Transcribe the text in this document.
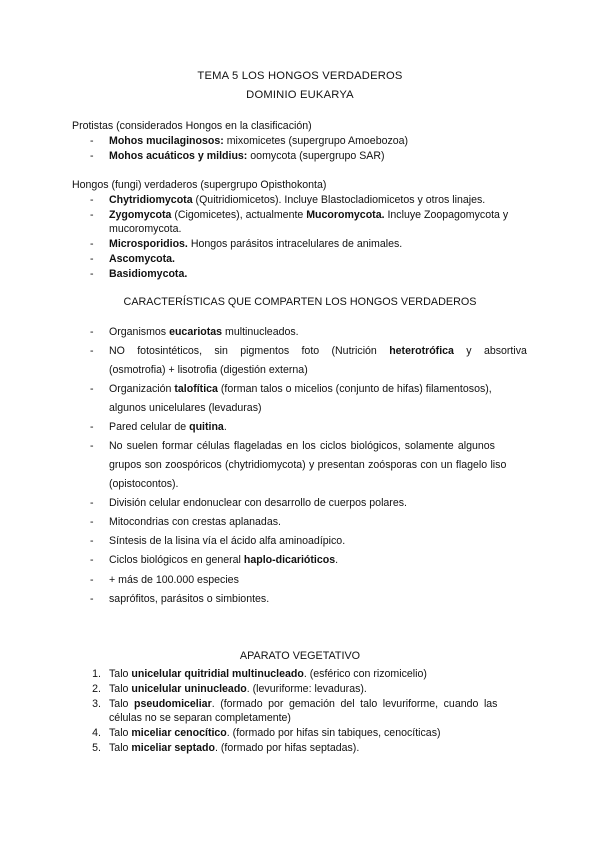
TEMA 5 LOS HONGOS VERDADEROS
DOMINIO EUKARYA
Protistas (considerados Hongos en la clasificación)
- Mohos mucilaginosos: mixomicetes (supergrupo Amoebozoa)
- Mohos acuáticos y mildius: oomycota (supergrupo SAR)
Hongos (fungi) verdaderos (supergrupo Opisthokonta)
- Chytridiomycota (Quitridiomicetos). Incluye Blastocladiomicetos y otros linajes.
- Zygomycota (Cigomicetes), actualmente Mucoromycota. Incluye Zoopagomycota y
mucoromycota.
- Microsporidios. Hongos parásitos intracelulares de animales.
- Ascomycota.
- Basidiomycota.
CARACTERÍSTICAS QUE COMPARTEN LOS HONGOS VERDADEROS
- Organismos eucariotas multinucleados.
- NO fotosintéticos, sin pigmentos foto (Nutrición heterotrófica y absortiva
(osmotrofia) + lisotrofia (digestión externa)
- Organización talofítica (forman talos o micelios (conjunto de hifas) filamentosos),
algunos unicelulares (levaduras)
- Pared celular de quitina.
- No suelen formar células flageladas en los ciclos biológicos, solamente algunos
grupos son zoospóricos (chytridiomycota) y presentan zoósporas con un flagelo liso
(opistocontos).
- División celular endonuclear con desarrollo de cuerpos polares.
- Mitocondrias con crestas aplanadas.
- Síntesis de la lisina vía el ácido alfa aminoadípico.
- Ciclos biológicos en general haplo-dicarióticos.
- + más de 100.000 especies
- saprófitos, parásitos o simbiontes.
APARATO VEGETATIVO
1. Talo unicelular quitridial multinucleado. (esférico con rizomicelio)
2. Talo unicelular uninucleado. (levuriforme: levaduras).
3. Talo pseudomiceliar. (formado por gemación del talo levuriforme, cuando las
células no se separan completamente)
4. Talo miceliar cenocítico. (formado por hifas sin tabiques, cenocíticas)
5. Talo miceliar septado. (formado por hifas septadas).
